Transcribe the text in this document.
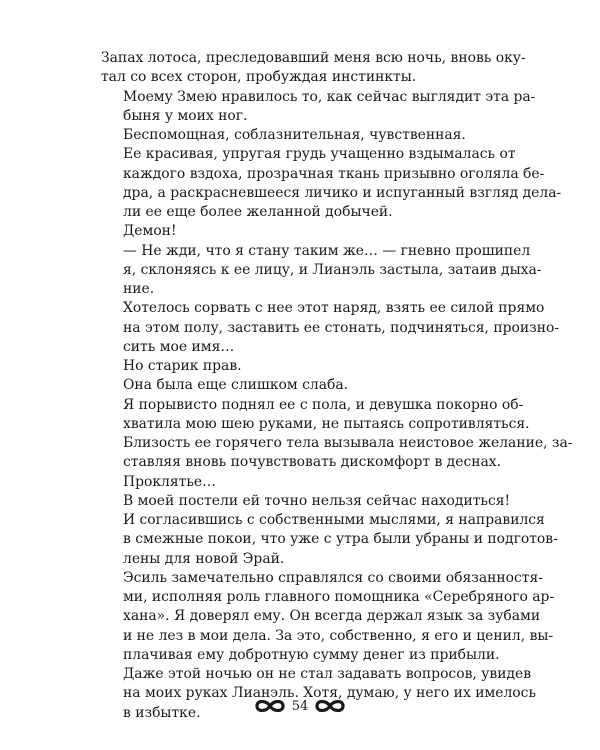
Запах лотоса, преследовавший меня всю ночь, вновь оку-
тал со всех сторон, пробуждая инстинкты.

Моему Змею нравилось то, как сейчас выглядит эта ра-
быня у моих ног.

Беспомощная, соблазнительная, чувственная.

Ее красивая, упругая грудь учащенно вздымалась от
каждого вздоха, прозрачная ткань призывно оголяла бе-
дра, а раскрасневшееся личико и испуганный взгляд дела-
ли ее еще более желанной добычей.

Демон!

— Не жди, что я стану таким же… — гневно прошипел
я, склоняясь к ее лицу, и Лианэль застыла, затаив дыха-
ние.

Хотелось сорвать с нее этот наряд, взять ее силой прямо
на этом полу, заставить ее стонать, подчиняться, произно-
сить мое имя…

Но старик прав.

Она была еще слишком слаба.

Я порывисто поднял ее с пола, и девушка покорно об-
хватила мою шею руками, не пытаясь сопротивляться.
Близость ее горячего тела вызывала неистовое желание, за-
ставляя вновь почувствовать дискомфорт в деснах.

Проклятье…

В моей постели ей точно нельзя сейчас находиться!

И согласившись с собственными мыслями, я направился
в смежные покои, что уже с утра были убраны и подготов-
лены для новой Эрай.

Эсиль замечательно справлялся со своими обязанностя-
ми, исполняя роль главного помощника «Серебряного ар-
хана». Я доверял ему. Он всегда держал язык за зубами
и не лез в мои дела. За это, собственно, я его и ценил, вы-
плачивая ему добротную сумму денег из прибыли.

Даже этой ночью он не стал задавать вопросов, увидев
на моих руках Лианэль. Хотя, думаю, у него их имелось
в избытке.	54
